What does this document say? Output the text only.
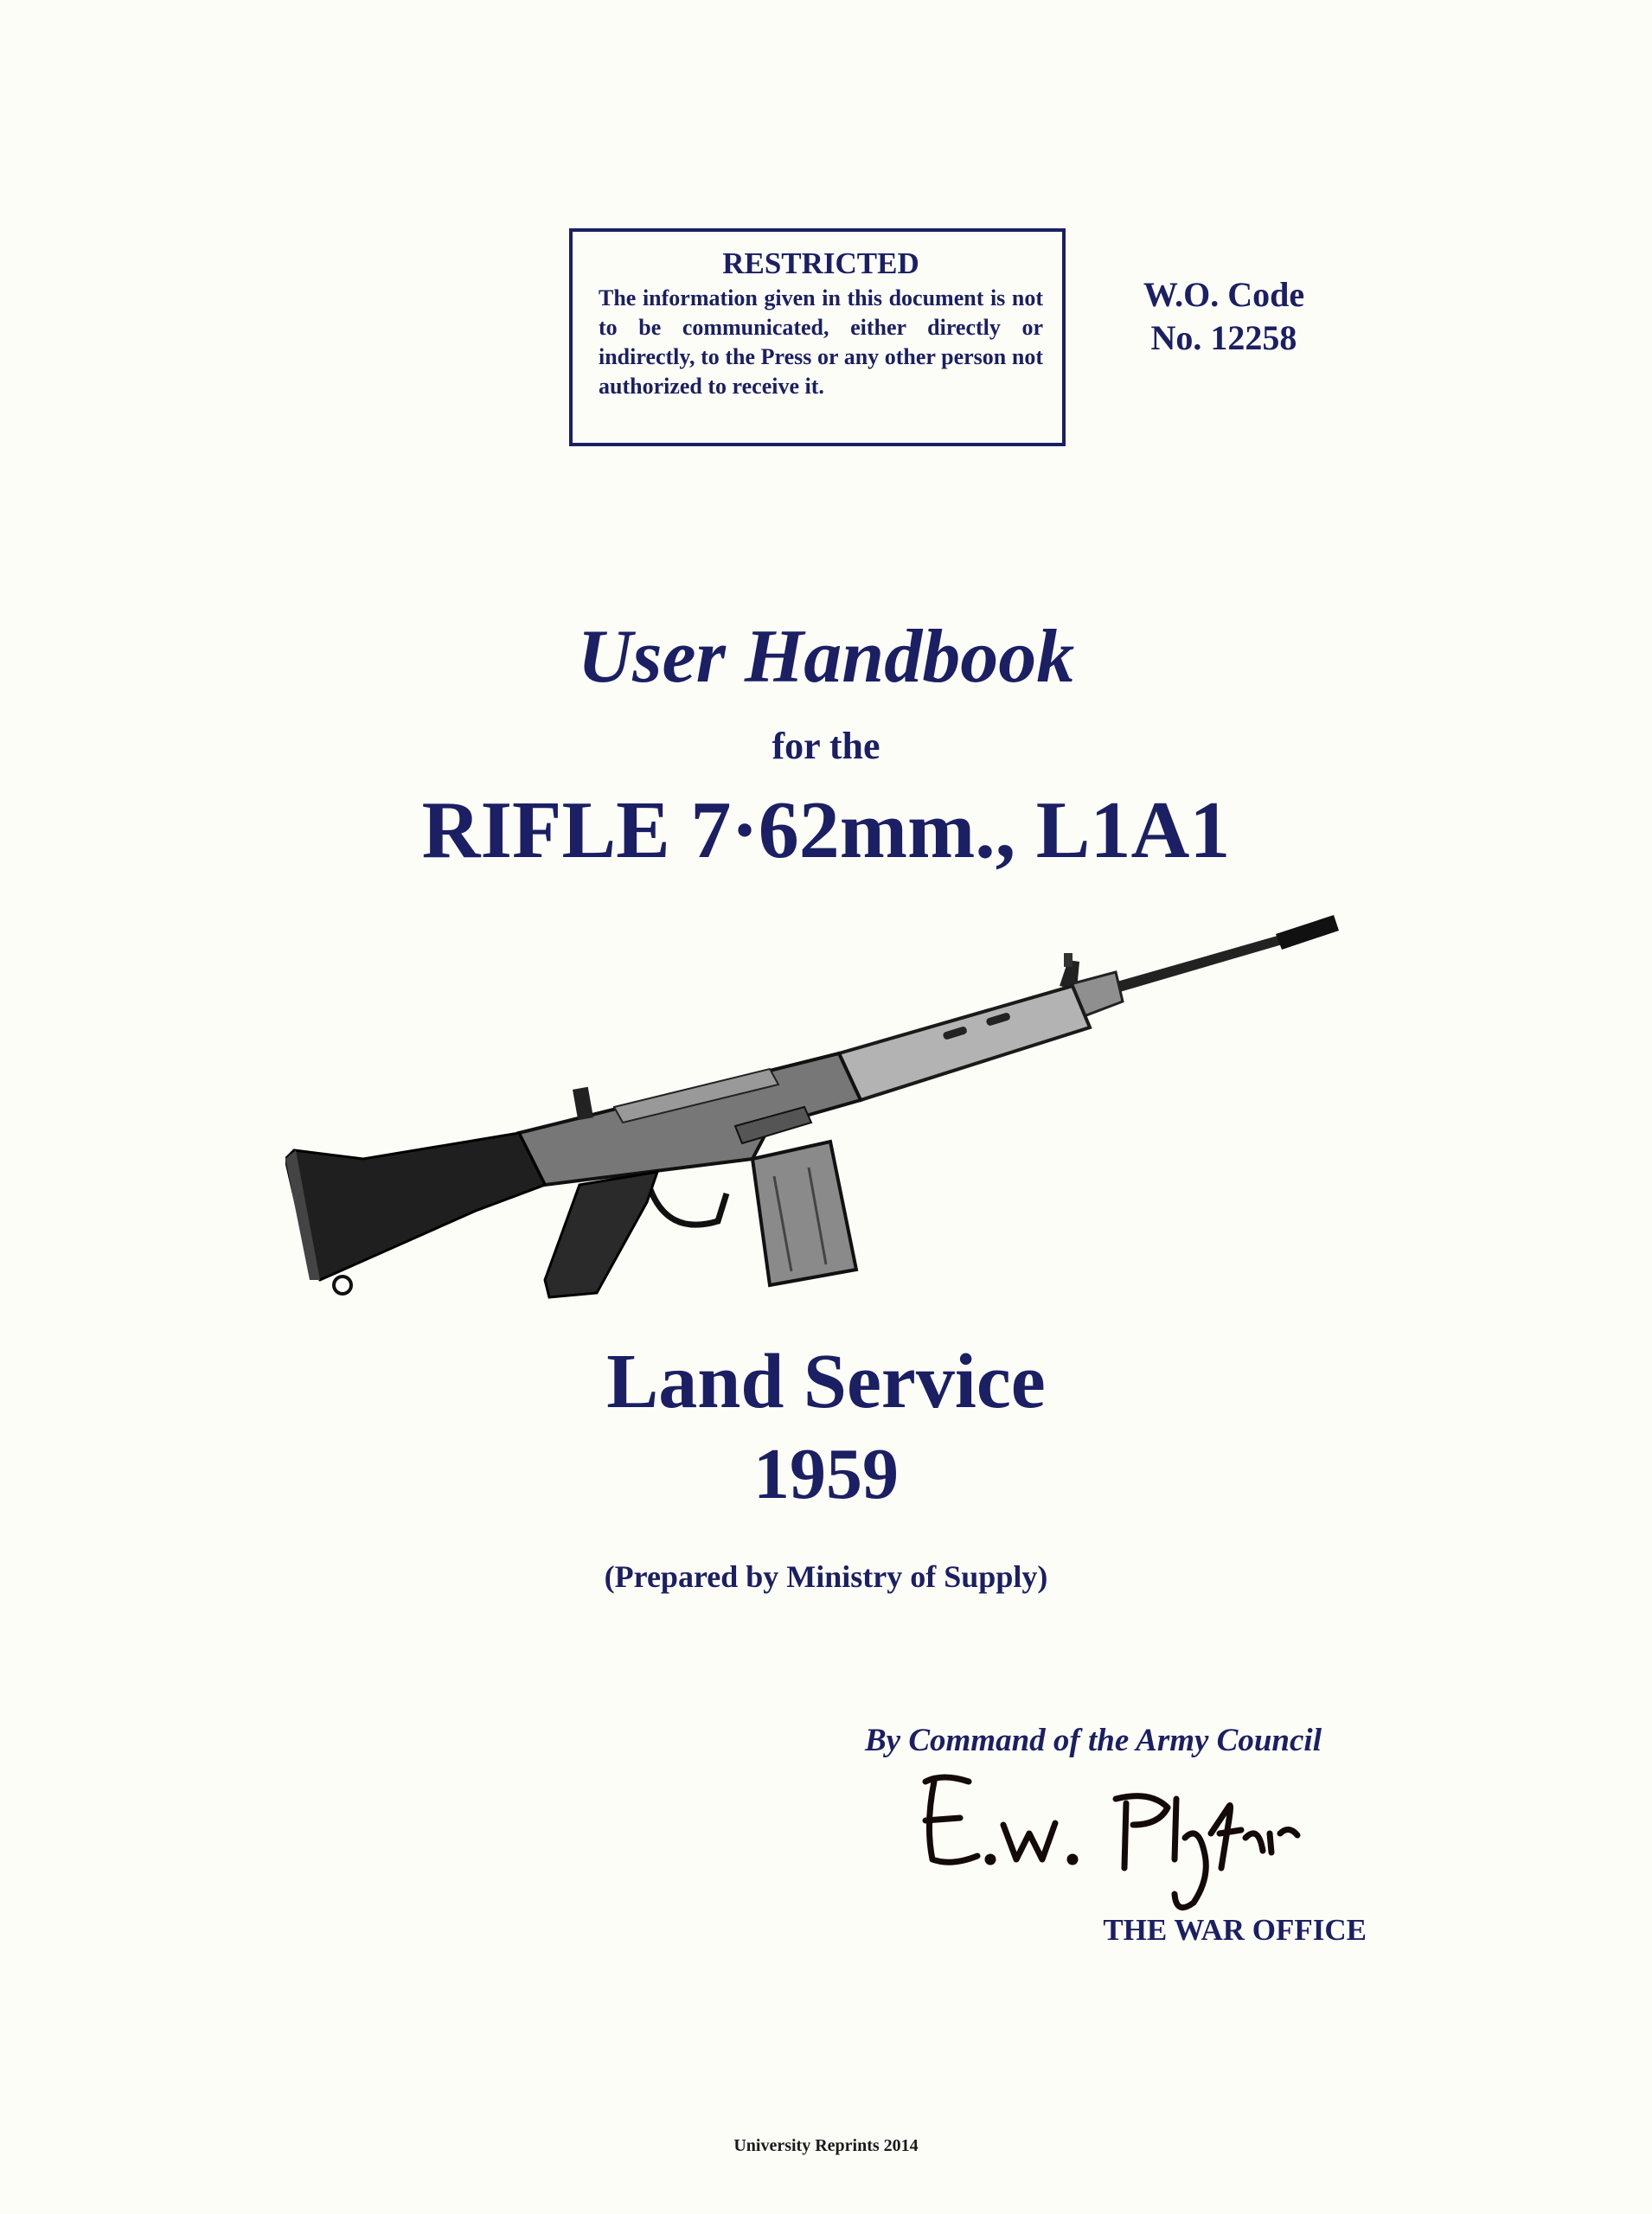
RESTRICTED
The information given in this document is not to be communicated, either directly or indirectly, to the Press or any other person not authorized to receive it.
W.O. Code
No. 12258
User Handbook
for the
RIFLE 7·62mm., L1A1
Land Service
1959
(Prepared by Ministry of Supply)
By Command of the Army Council
E. W. Playfair
THE WAR OFFICE
University Reprints 2014
